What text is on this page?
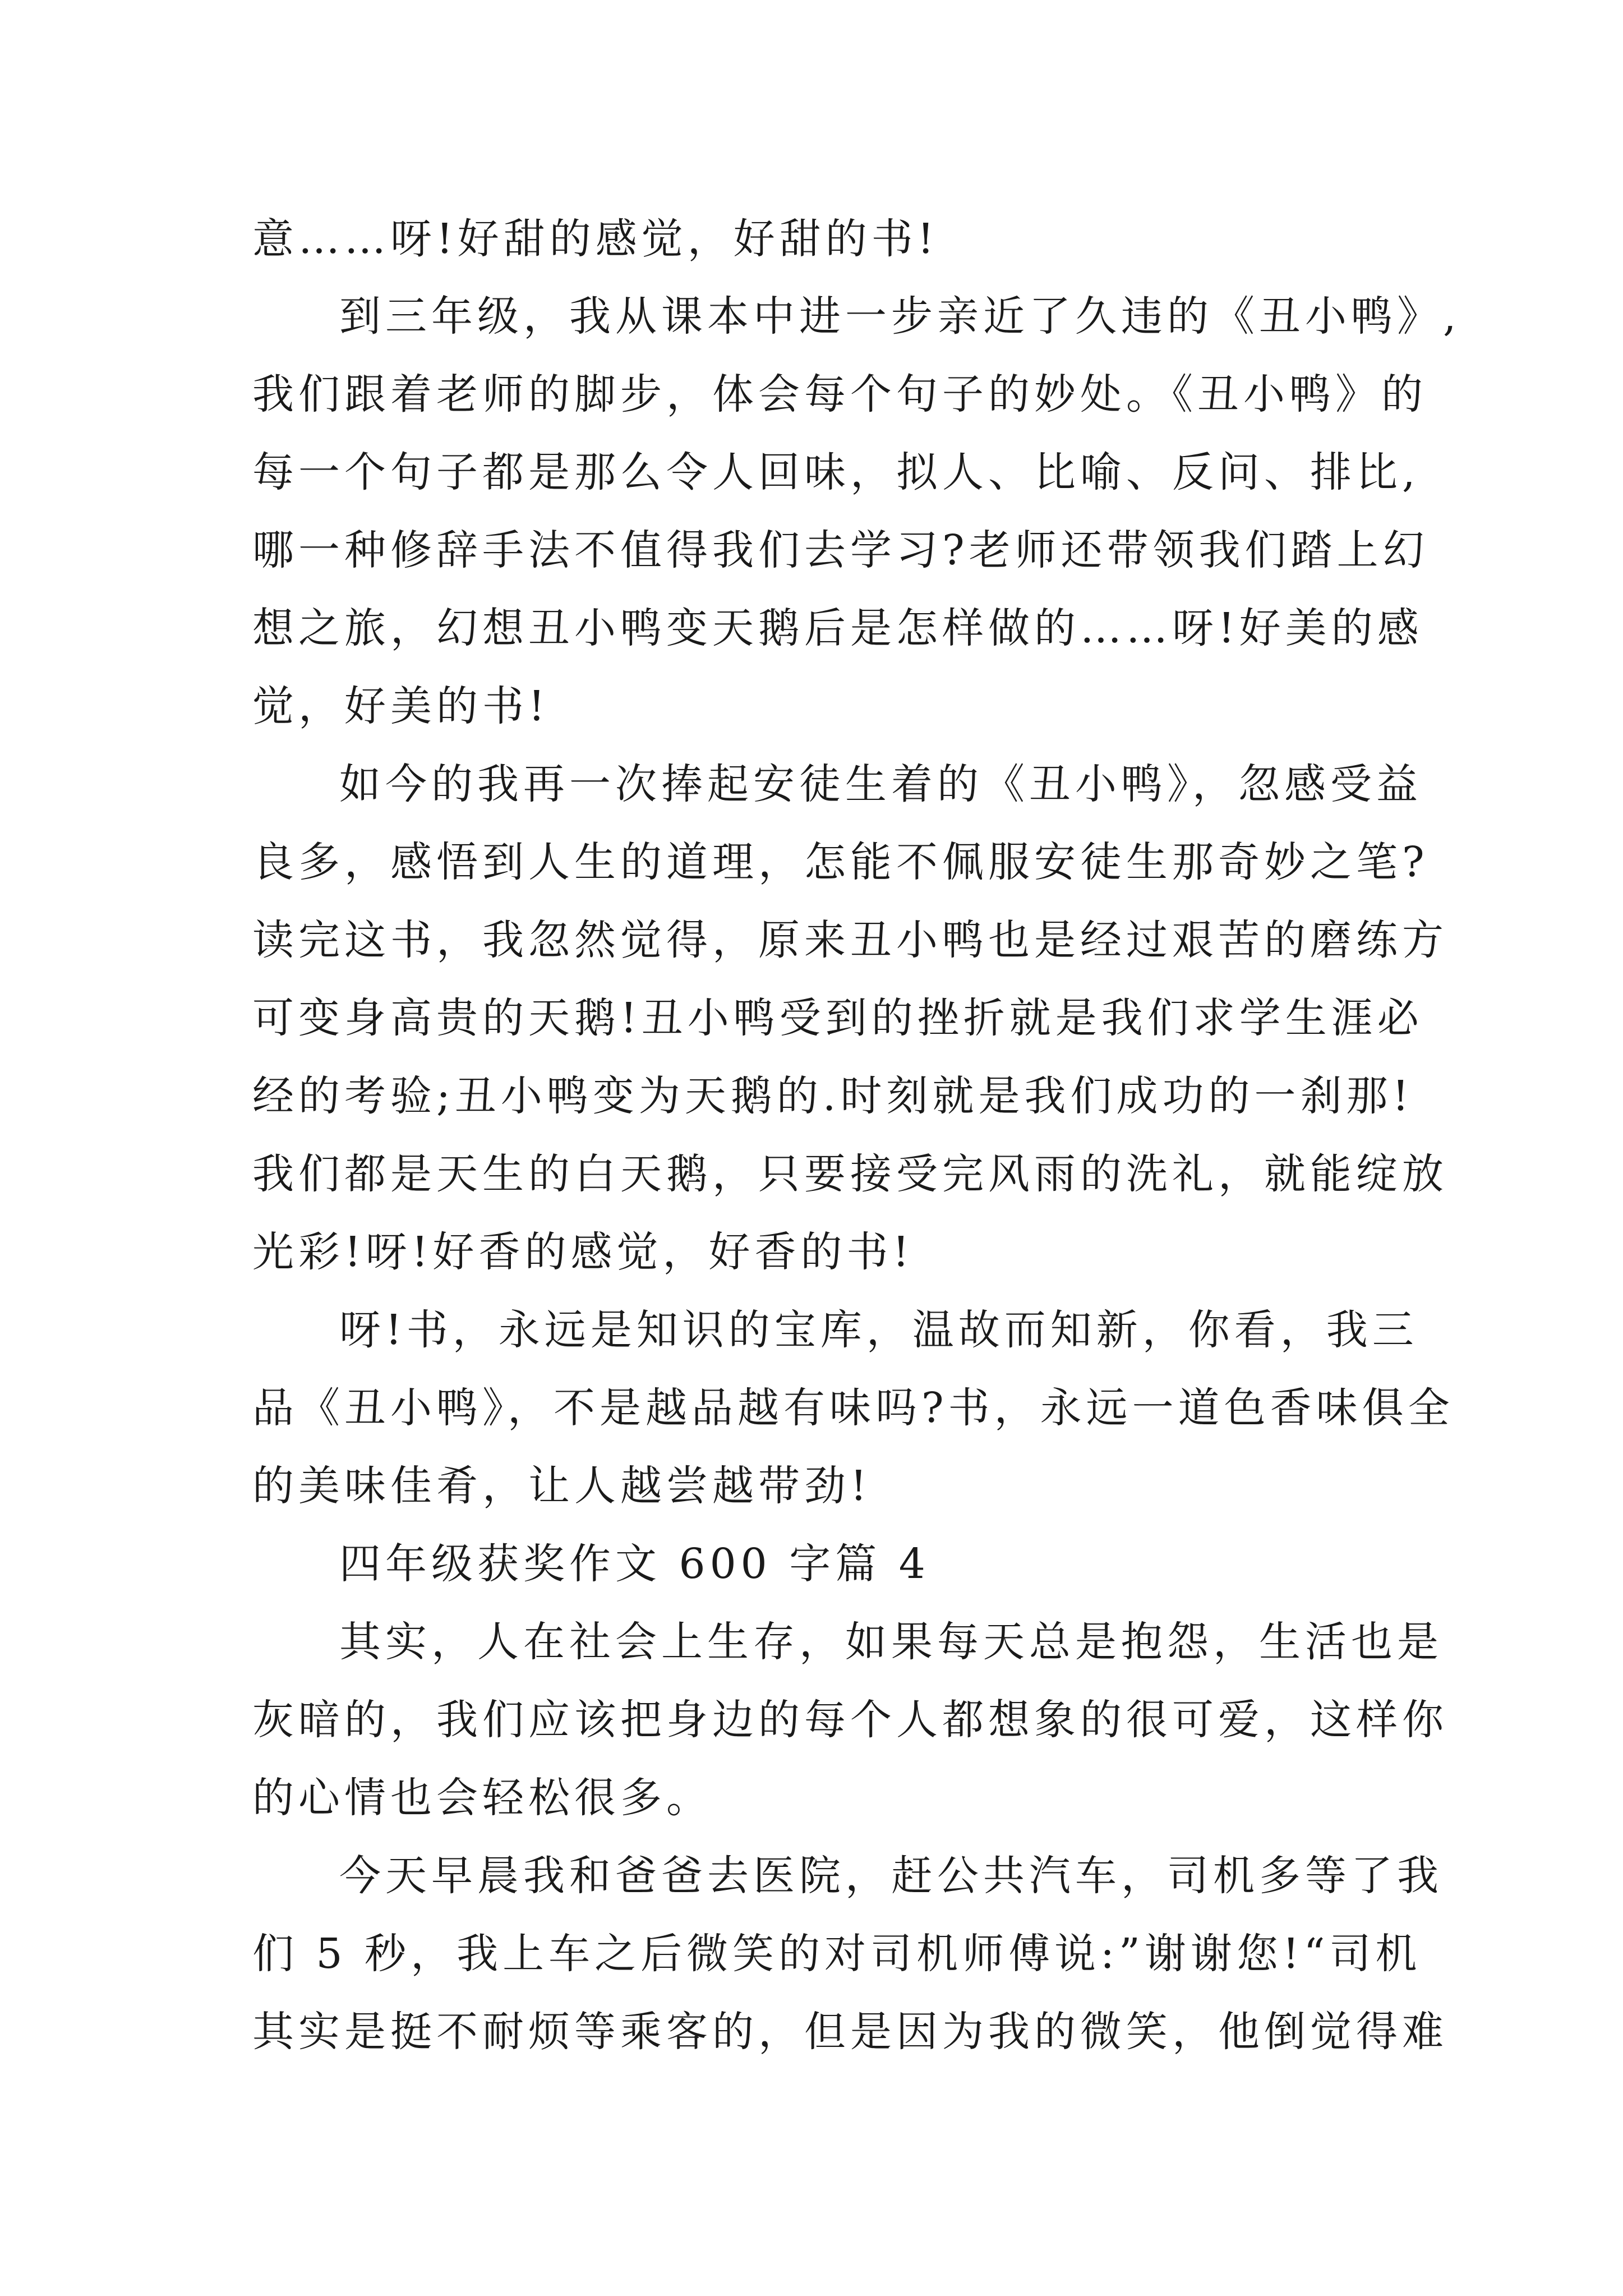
意……呀!好甜的感觉，好甜的书!
到三年级，我从课本中进一步亲近了久违的《丑小鸭》,
我们跟着老师的脚步，体会每个句子的妙处。《丑小鸭》的
每一个句子都是那么令人回味，拟人、比喻、反问、排比,
哪一种修辞手法不值得我们去学习?老师还带领我们踏上幻
想之旅，幻想丑小鸭变天鹅后是怎样做的……呀!好美的感
觉，好美的书!
如今的我再一次捧起安徒生着的《丑小鸭》，忽感受益
良多，感悟到人生的道理，怎能不佩服安徒生那奇妙之笔?
读完这书，我忽然觉得，原来丑小鸭也是经过艰苦的磨练方
可变身高贵的天鹅!丑小鸭受到的挫折就是我们求学生涯必
经的考验;丑小鸭变为天鹅的.时刻就是我们成功的一刹那!
我们都是天生的白天鹅，只要接受完风雨的洗礼，就能绽放
光彩!呀!好香的感觉，好香的书!
呀!书，永远是知识的宝库，温故而知新，你看，我三
品《丑小鸭》，不是越品越有味吗?书，永远一道色香味俱全
的美味佳肴，让人越尝越带劲!
四年级获奖作文 600 字篇 4
其实，人在社会上生存，如果每天总是抱怨，生活也是
灰暗的，我们应该把身边的每个人都想象的很可爱，这样你
的心情也会轻松很多。
今天早晨我和爸爸去医院，赶公共汽车，司机多等了我
们 5 秒，我上车之后微笑的对司机师傅说:”谢谢您!“司机
其实是挺不耐烦等乘客的，但是因为我的微笑，他倒觉得难
